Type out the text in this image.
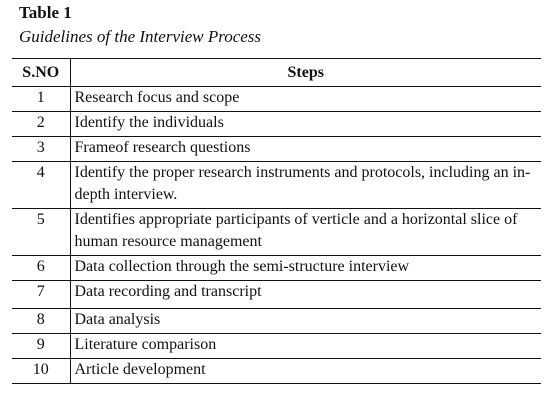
Table 1
Guidelines of the Interview Process
S.NO	Steps
1	Research focus and scope
2	Identify the individuals
3	Frameof research questions
4	Identify the proper research instruments and protocols, including an in-depth interview.
5	Identifies appropriate participants of verticle and a horizontal slice of human resource management
6	Data collection through the semi-structure interview
7	Data recording and transcript
8	Data analysis
9	Literature comparison
10	Article development
